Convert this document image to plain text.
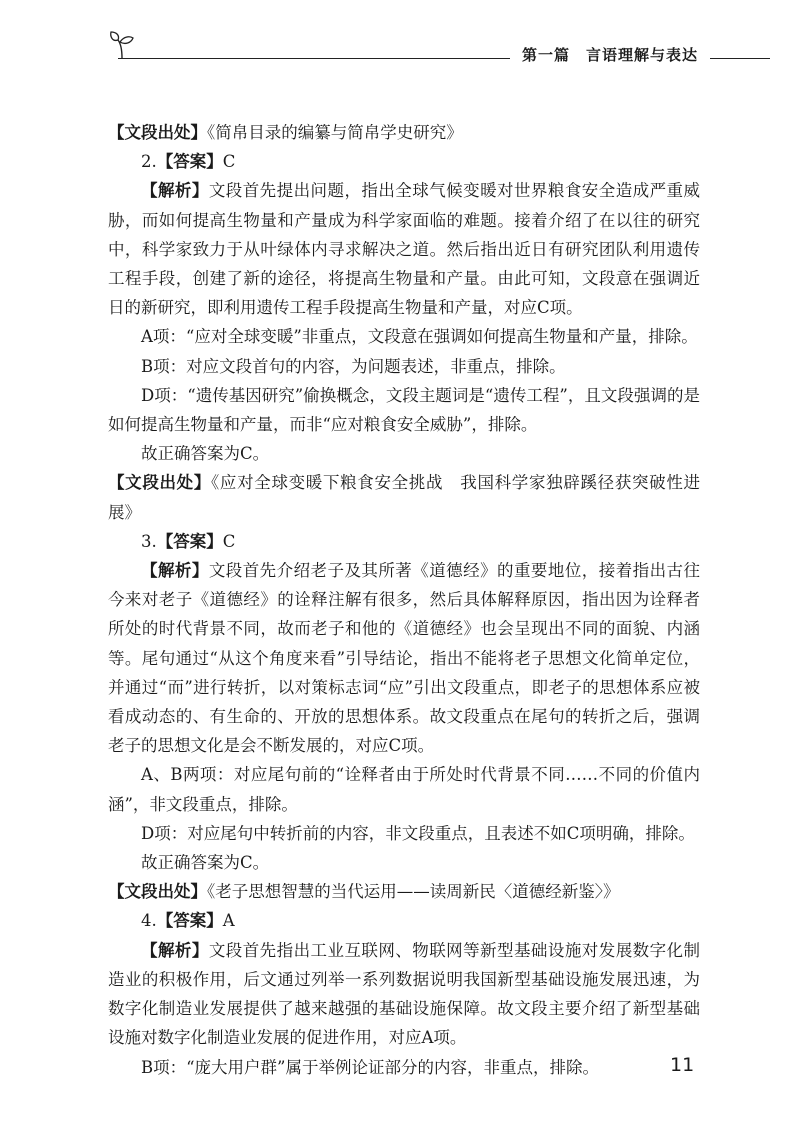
第一篇　言语理解与表达

【文段出处】《简帛目录的编纂与简帛学史研究》

2.【答案】C

【解析】文段首先提出问题，指出全球气候变暖对世界粮食安全造成严重威胁，而如何提高生物量和产量成为科学家面临的难题。接着介绍了在以往的研究中，科学家致力于从叶绿体内寻求解决之道。然后指出近日有研究团队利用遗传工程手段，创建了新的途径，将提高生物量和产量。由此可知，文段意在强调近日的新研究，即利用遗传工程手段提高生物量和产量，对应C项。

A项：“应对全球变暖”非重点，文段意在强调如何提高生物量和产量，排除。

B项：对应文段首句的内容，为问题表述，非重点，排除。

D项：“遗传基因研究”偷换概念，文段主题词是“遗传工程”，且文段强调的是如何提高生物量和产量，而非“应对粮食安全威胁”，排除。

故正确答案为C。

【文段出处】《应对全球变暖下粮食安全挑战　我国科学家独辟蹊径获突破性进展》

3.【答案】C

【解析】文段首先介绍老子及其所著《道德经》的重要地位，接着指出古往今来对老子《道德经》的诠释注解有很多，然后具体解释原因，指出因为诠释者所处的时代背景不同，故而老子和他的《道德经》也会呈现出不同的面貌、内涵等。尾句通过“从这个角度来看”引导结论，指出不能将老子思想文化简单定位，并通过“而”进行转折，以对策标志词“应”引出文段重点，即老子的思想体系应被看成动态的、有生命的、开放的思想体系。故文段重点在尾句的转折之后，强调老子的思想文化是会不断发展的，对应C项。

A、B两项：对应尾句前的“诠释者由于所处时代背景不同……不同的价值内涵”，非文段重点，排除。

D项：对应尾句中转折前的内容，非文段重点，且表述不如C项明确，排除。

故正确答案为C。

【文段出处】《老子思想智慧的当代运用——读周新民〈道德经新鉴〉》

4.【答案】A

【解析】文段首先指出工业互联网、物联网等新型基础设施对发展数字化制造业的积极作用，后文通过列举一系列数据说明我国新型基础设施发展迅速，为数字化制造业发展提供了越来越强的基础设施保障。故文段主要介绍了新型基础设施对数字化制造业发展的促进作用，对应A项。

B项：“庞大用户群”属于举例论证部分的内容，非重点，排除。	11
